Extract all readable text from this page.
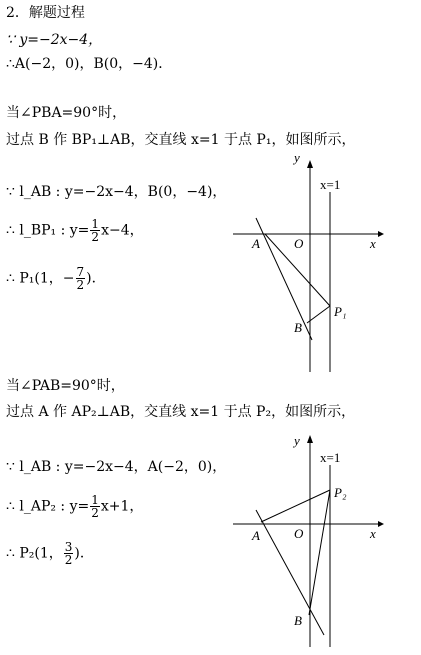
2．解题过程
∵ y=−2x−4，
∴A(−2，0)，B(0，−4)．
当∠PBA=90°时，
过点 B 作 BP₁⊥AB，交直线 x=1 于点 P₁，如图所示，
∵ l_AB : y=−2x−4，B(0，−4)，
∴ l_BP₁ : $y= \frac{1}{2} x-4$，
∴ P₁(1，− $\frac{7}{2}$ )．
y
x
x=1
O
A
B
P₁
当∠PAB=90°时，
过点 A 作 AP₂⊥AB，交直线 x=1 于点 P₂，如图所示，
∵ l_AB : y=−2x−4，A(−2，0)，
∴ l_AP₂ : $y= \frac{1}{2} x+1$，
∴ P₂(1， $\frac{3}{2}$ )．
y
x
x=1
O
A
B
P₂
